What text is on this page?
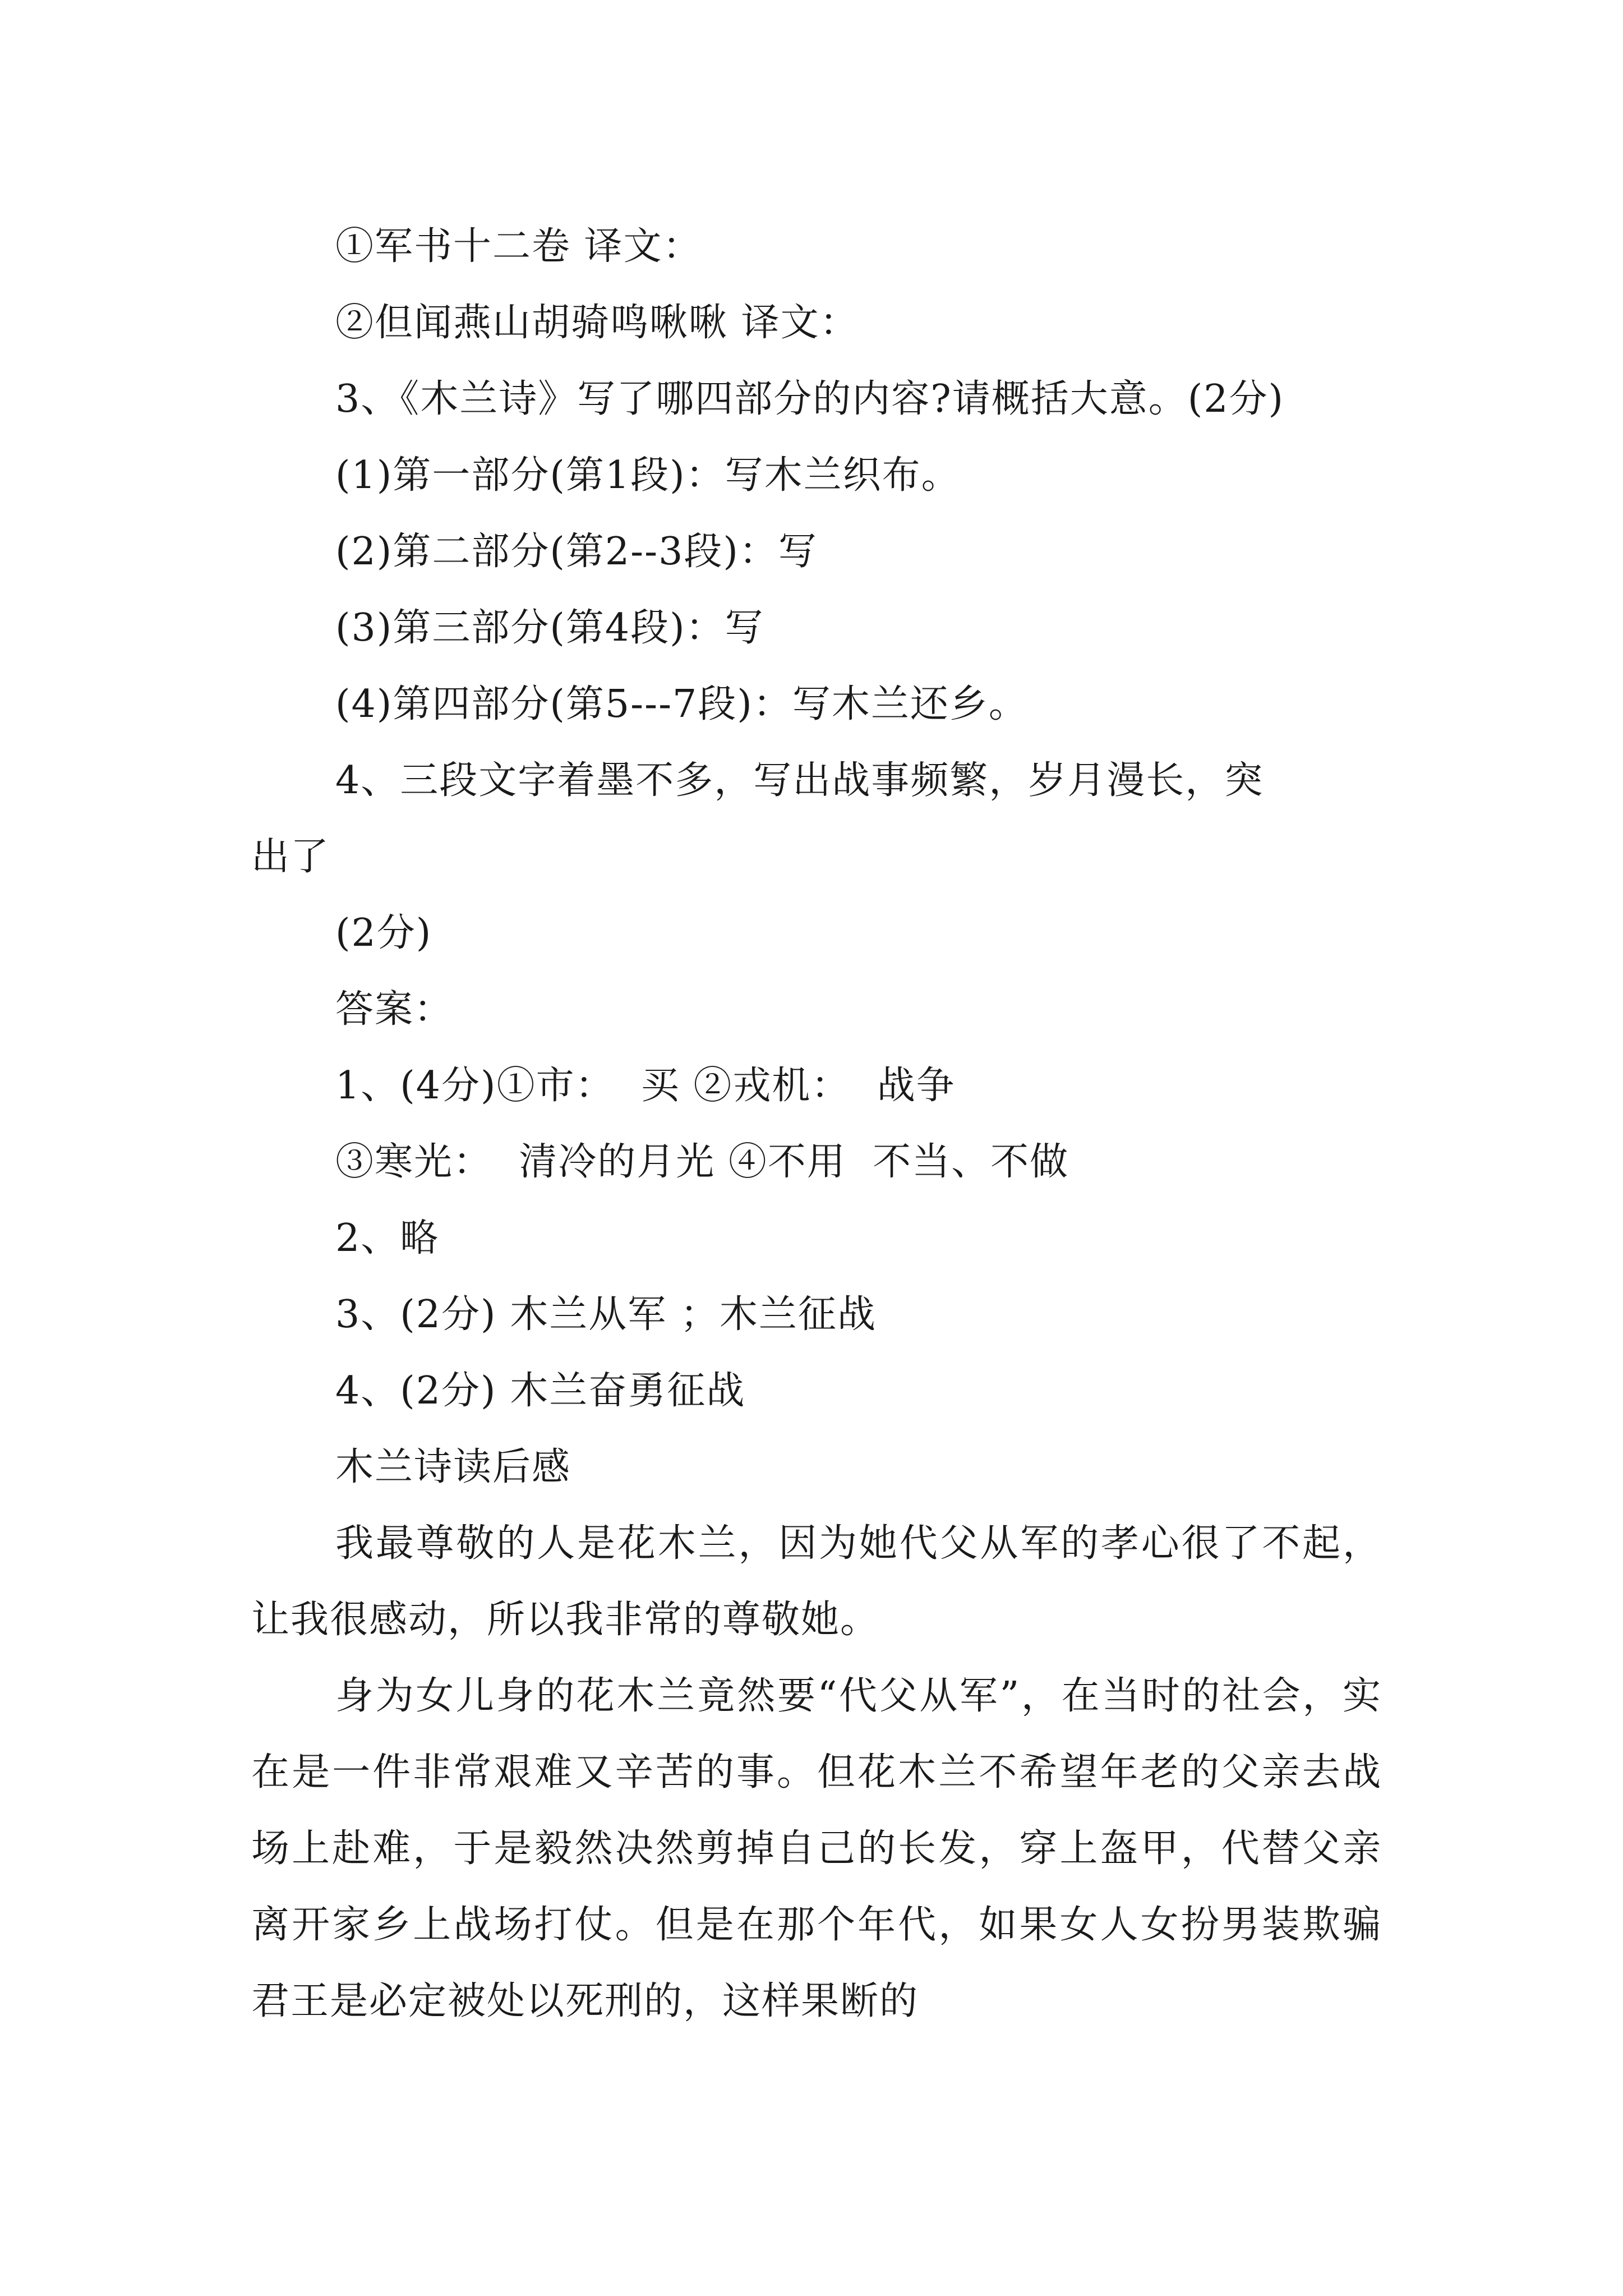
①军书十二卷 译文：
②但闻燕山胡骑鸣啾啾 译文：
3、《木兰诗》写了哪四部分的内容?请概括大意。(2分)
(1)第一部分(第1段)：写木兰织布。
(2)第二部分(第2--3段)：写
(3)第三部分(第4段)：写
(4)第四部分(第5---7段)：写木兰还乡。
4、三段文字着墨不多，写出战事频繁，岁月漫长，突
出了
(2分)
答案：
1、(4分)①市：  买 ②戎机：  战争
③寒光：  清冷的月光 ④不用  不当、不做
2、略
3、(2分) 木兰从军 ；木兰征战
4、(2分) 木兰奋勇征战
木兰诗读后感

我最尊敬的人是花木兰，因为她代父从军的孝心很了不起，让我很感动，所以我非常的尊敬她。

身为女儿身的花木兰竟然要“代父从军”，在当时的社会，实在是一件非常艰难又辛苦的事。但花木兰不希望年老的父亲去战场上赴难，于是毅然决然剪掉自己的长发，穿上盔甲，代替父亲离开家乡上战场打仗。但是在那个年代，如果女人女扮男装欺骗君王是必定被处以死刑的，这样果断的
